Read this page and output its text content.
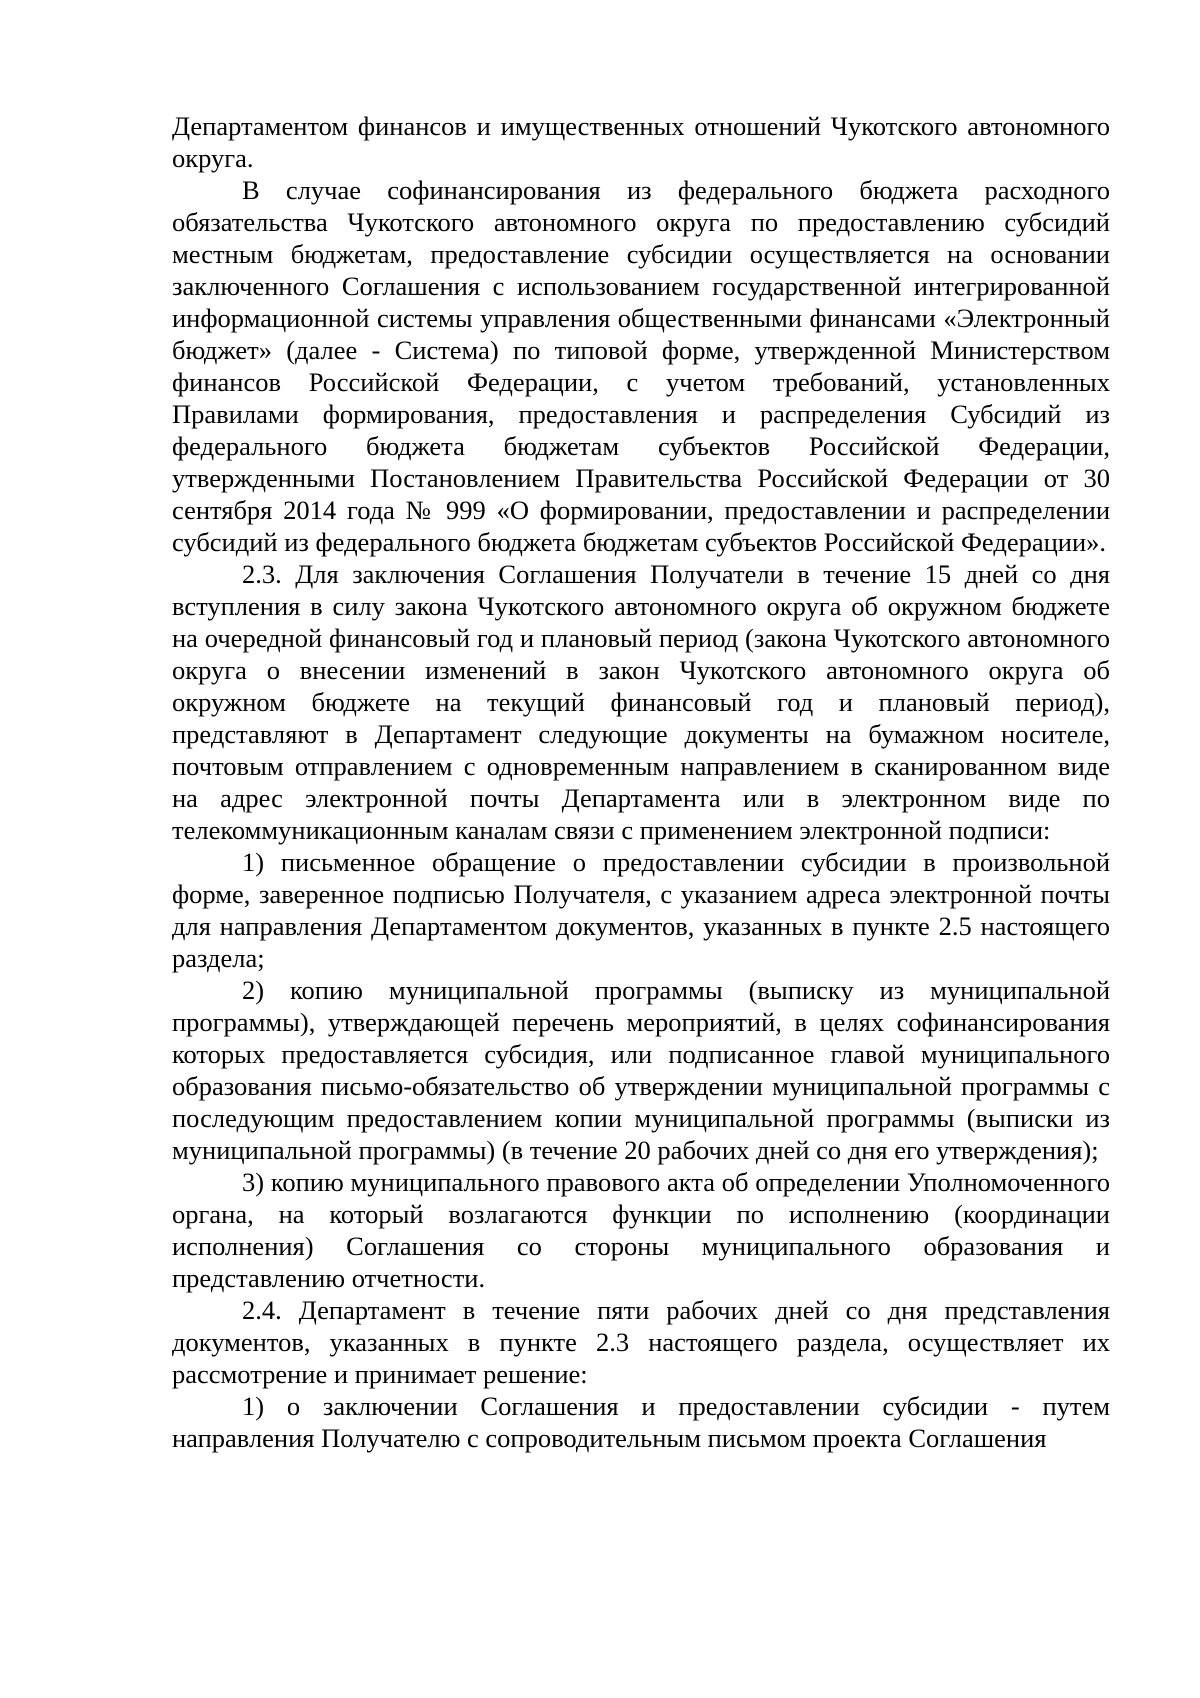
Департаментом финансов и имущественных отношений Чукотского автономного округа.

В случае софинансирования из федерального бюджета расходного обязательства Чукотского автономного округа по предоставлению субсидий местным бюджетам, предоставление субсидии осуществляется на основании заключенного Соглашения с использованием государственной интегрированной информационной системы управления общественными финансами «Электронный бюджет» (далее - Система) по типовой форме, утвержденной Министерством финансов Российской Федерации, с учетом требований, установленных Правилами формирования, предоставления и распределения Субсидий из федерального бюджета бюджетам субъектов Российской Федерации, утвержденными Постановлением Правительства Российской Федерации от 30 сентября 2014 года № 999 «О формировании, предоставлении и распределении субсидий из федерального бюджета бюджетам субъектов Российской Федерации».

2.3. Для заключения Соглашения Получатели в течение 15 дней со дня вступления в силу закона Чукотского автономного округа об окружном бюджете на очередной финансовый год и плановый период (закона Чукотского автономного округа о внесении изменений в закон Чукотского автономного округа об окружном бюджете на текущий финансовый год и плановый период), представляют в Департамент следующие документы на бумажном носителе, почтовым отправлением с одновременным направлением в сканированном виде на адрес электронной почты Департамента или в электронном виде по телекоммуникационным каналам связи с применением электронной подписи:

1) письменное обращение о предоставлении субсидии в произвольной форме, заверенное подписью Получателя, с указанием адреса электронной почты для направления Департаментом документов, указанных в пункте 2.5 настоящего раздела;

2) копию муниципальной программы (выписку из муниципальной программы), утверждающей перечень мероприятий, в целях софинансирования которых предоставляется субсидия, или подписанное главой муниципального образования письмо-обязательство об утверждении муниципальной программы с последующим предоставлением копии муниципальной программы (выписки из муниципальной программы) (в течение 20 рабочих дней со дня его утверждения);

3) копию муниципального правового акта об определении Уполномоченного органа, на который возлагаются функции по исполнению (координации исполнения) Соглашения со стороны муниципального образования и представлению отчетности.

2.4. Департамент в течение пяти рабочих дней со дня представления документов, указанных в пункте 2.3 настоящего раздела, осуществляет их рассмотрение и принимает решение:

1) о заключении Соглашения и предоставлении субсидии - путем направления Получателю с сопроводительным письмом проекта Соглашения
